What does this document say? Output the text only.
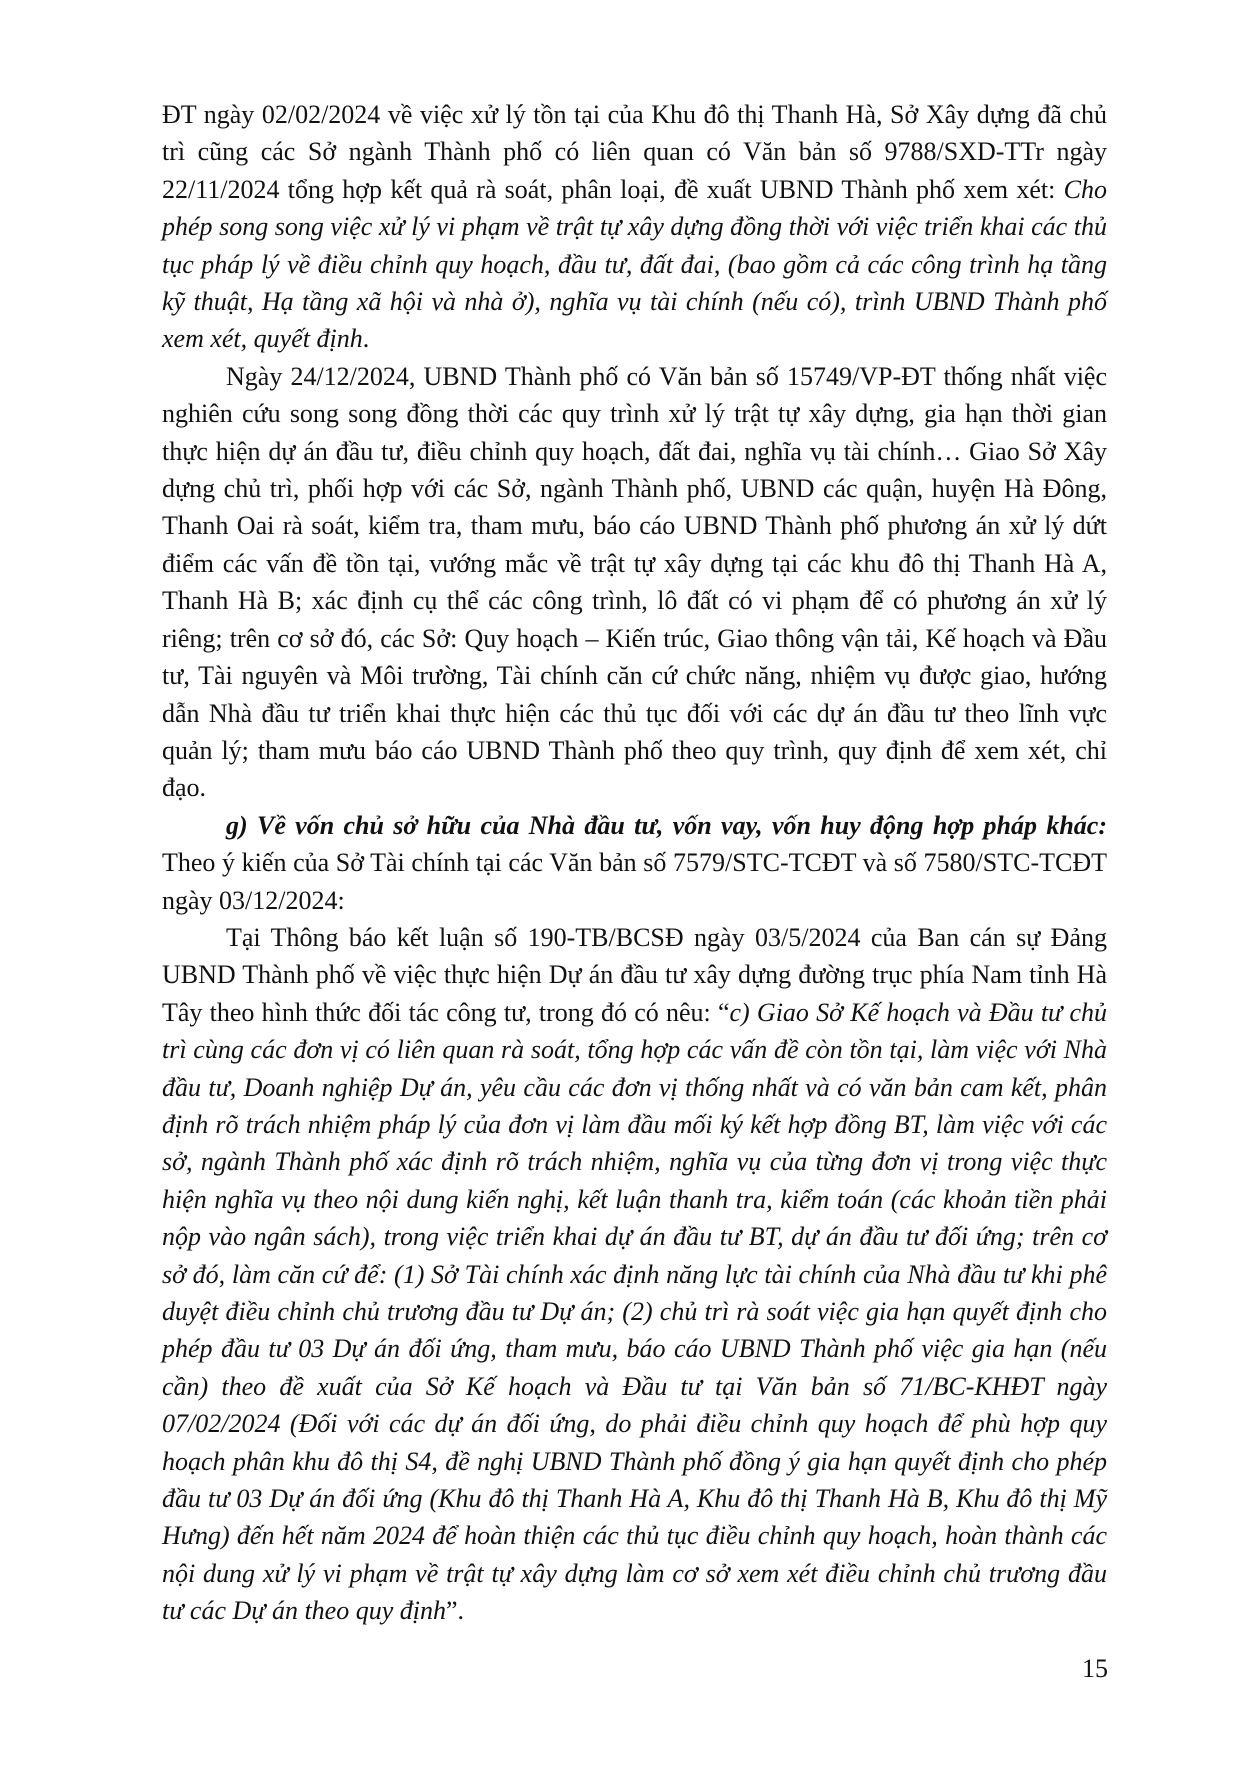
ĐT ngày 02/02/2024 về việc xử lý tồn tại của Khu đô thị Thanh Hà, Sở Xây dựng đã chủ trì cũng các Sở ngành Thành phố có liên quan có Văn bản số 9788/SXD-TTr ngày 22/11/2024 tổng hợp kết quả rà soát, phân loại, đề xuất UBND Thành phố xem xét: Cho phép song song việc xử lý vi phạm về trật tự xây dựng đồng thời với việc triển khai các thủ tục pháp lý về điều chỉnh quy hoạch, đầu tư, đất đai, (bao gồm cả các công trình hạ tầng kỹ thuật, Hạ tầng xã hội và nhà ở), nghĩa vụ tài chính (nếu có), trình UBND Thành phố xem xét, quyết định.

Ngày 24/12/2024, UBND Thành phố có Văn bản số 15749/VP-ĐT thống nhất việc nghiên cứu song song đồng thời các quy trình xử lý trật tự xây dựng, gia hạn thời gian thực hiện dự án đầu tư, điều chỉnh quy hoạch, đất đai, nghĩa vụ tài chính… Giao Sở Xây dựng chủ trì, phối hợp với các Sở, ngành Thành phố, UBND các quận, huyện Hà Đông, Thanh Oai rà soát, kiểm tra, tham mưu, báo cáo UBND Thành phố phương án xử lý dứt điểm các vấn đề tồn tại, vướng mắc về trật tự xây dựng tại các khu đô thị Thanh Hà A, Thanh Hà B; xác định cụ thể các công trình, lô đất có vi phạm để có phương án xử lý riêng; trên cơ sở đó, các Sở: Quy hoạch – Kiến trúc, Giao thông vận tải, Kế hoạch và Đầu tư, Tài nguyên và Môi trường, Tài chính căn cứ chức năng, nhiệm vụ được giao, hướng dẫn Nhà đầu tư triển khai thực hiện các thủ tục đối với các dự án đầu tư theo lĩnh vực quản lý; tham mưu báo cáo UBND Thành phố theo quy trình, quy định để xem xét, chỉ đạo.

g) Về vốn chủ sở hữu của Nhà đầu tư, vốn vay, vốn huy động hợp pháp khác: Theo ý kiến của Sở Tài chính tại các Văn bản số 7579/STC-TCĐT và số 7580/STC-TCĐT ngày 03/12/2024:

Tại Thông báo kết luận số 190-TB/BCSĐ ngày 03/5/2024 của Ban cán sự Đảng UBND Thành phố về việc thực hiện Dự án đầu tư xây dựng đường trục phía Nam tỉnh Hà Tây theo hình thức đối tác công tư, trong đó có nêu: “c) Giao Sở Kế hoạch và Đầu tư chủ trì cùng các đơn vị có liên quan rà soát, tổng hợp các vấn đề còn tồn tại, làm việc với Nhà đầu tư, Doanh nghiệp Dự án, yêu cầu các đơn vị thống nhất và có văn bản cam kết, phân định rõ trách nhiệm pháp lý của đơn vị làm đầu mối ký kết hợp đồng BT, làm việc với các sở, ngành Thành phố xác định rõ trách nhiệm, nghĩa vụ của từng đơn vị trong việc thực hiện nghĩa vụ theo nội dung kiến nghị, kết luận thanh tra, kiểm toán (các khoản tiền phải nộp vào ngân sách), trong việc triển khai dự án đầu tư BT, dự án đầu tư đối ứng; trên cơ sở đó, làm căn cứ để: (1) Sở Tài chính xác định năng lực tài chính của Nhà đầu tư khi phê duyệt điều chỉnh chủ trương đầu tư Dự án; (2) chủ trì rà soát việc gia hạn quyết định cho phép đầu tư 03 Dự án đối ứng, tham mưu, báo cáo UBND Thành phố việc gia hạn (nếu cần) theo đề xuất của Sở Kế hoạch và Đầu tư tại Văn bản số 71/BC-KHĐT ngày 07/02/2024 (Đối với các dự án đối ứng, do phải điều chỉnh quy hoạch để phù hợp quy hoạch phân khu đô thị S4, đề nghị UBND Thành phố đồng ý gia hạn quyết định cho phép đầu tư 03 Dự án đối ứng (Khu đô thị Thanh Hà A, Khu đô thị Thanh Hà B, Khu đô thị Mỹ Hưng) đến hết năm 2024 để hoàn thiện các thủ tục điều chỉnh quy hoạch, hoàn thành các nội dung xử lý vi phạm về trật tự xây dựng làm cơ sở xem xét điều chỉnh chủ trương đầu tư các Dự án theo quy định”.

15
